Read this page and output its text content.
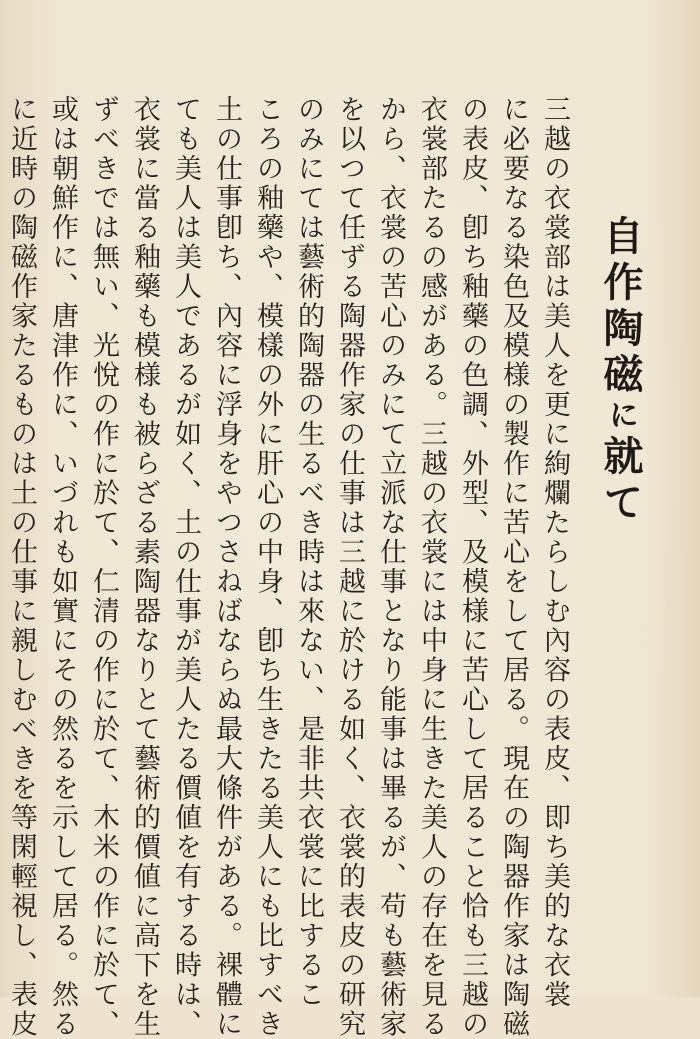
自作陶磁に就て
三越の衣裳部は美人を更に絢爛たらしむ內容の表皮、即ち美的な衣裳
に必要なる染色及模様の製作に苦心をして居る。現在の陶器作家は陶磁
の表皮、卽ち釉藥の色調、外型、及模様に苦心して居ること恰も三越の
衣裳部たるの感がある。三越の衣裳には中身に生きた美人の存在を見る
から、衣裳の苦心のみにて立派な仕事となり能事は畢るが、苟も藝術家
を以つて任ずる陶器作家の仕事は三越に於ける如く、衣裳的表皮の研究
のみにては藝術的陶器の生るべき時は來ない、是非共衣裳に比するこ
ころの釉藥や、模樣の外に肝心の中身、卽ち生きたる美人にも比すべき
土の仕事卽ち、內容に浮身をやつさねばならぬ最大條件がある。裸體に
ても美人は美人であるが如く、土の仕事が美人たる價値を有する時は、
衣裳に當る釉藥も模様も被らざる素陶器なりとて藝術的價値に高下を生
ずべきでは無い、光悅の作に於て、仁清の作に於て、木米の作に於て、
或は朝鮮作に、唐津作に、いづれも如實にその然るを示して居る。然る
に近時の陶磁作家たるものは土の仕事に親しむべきを等閑輕視し、表皮
